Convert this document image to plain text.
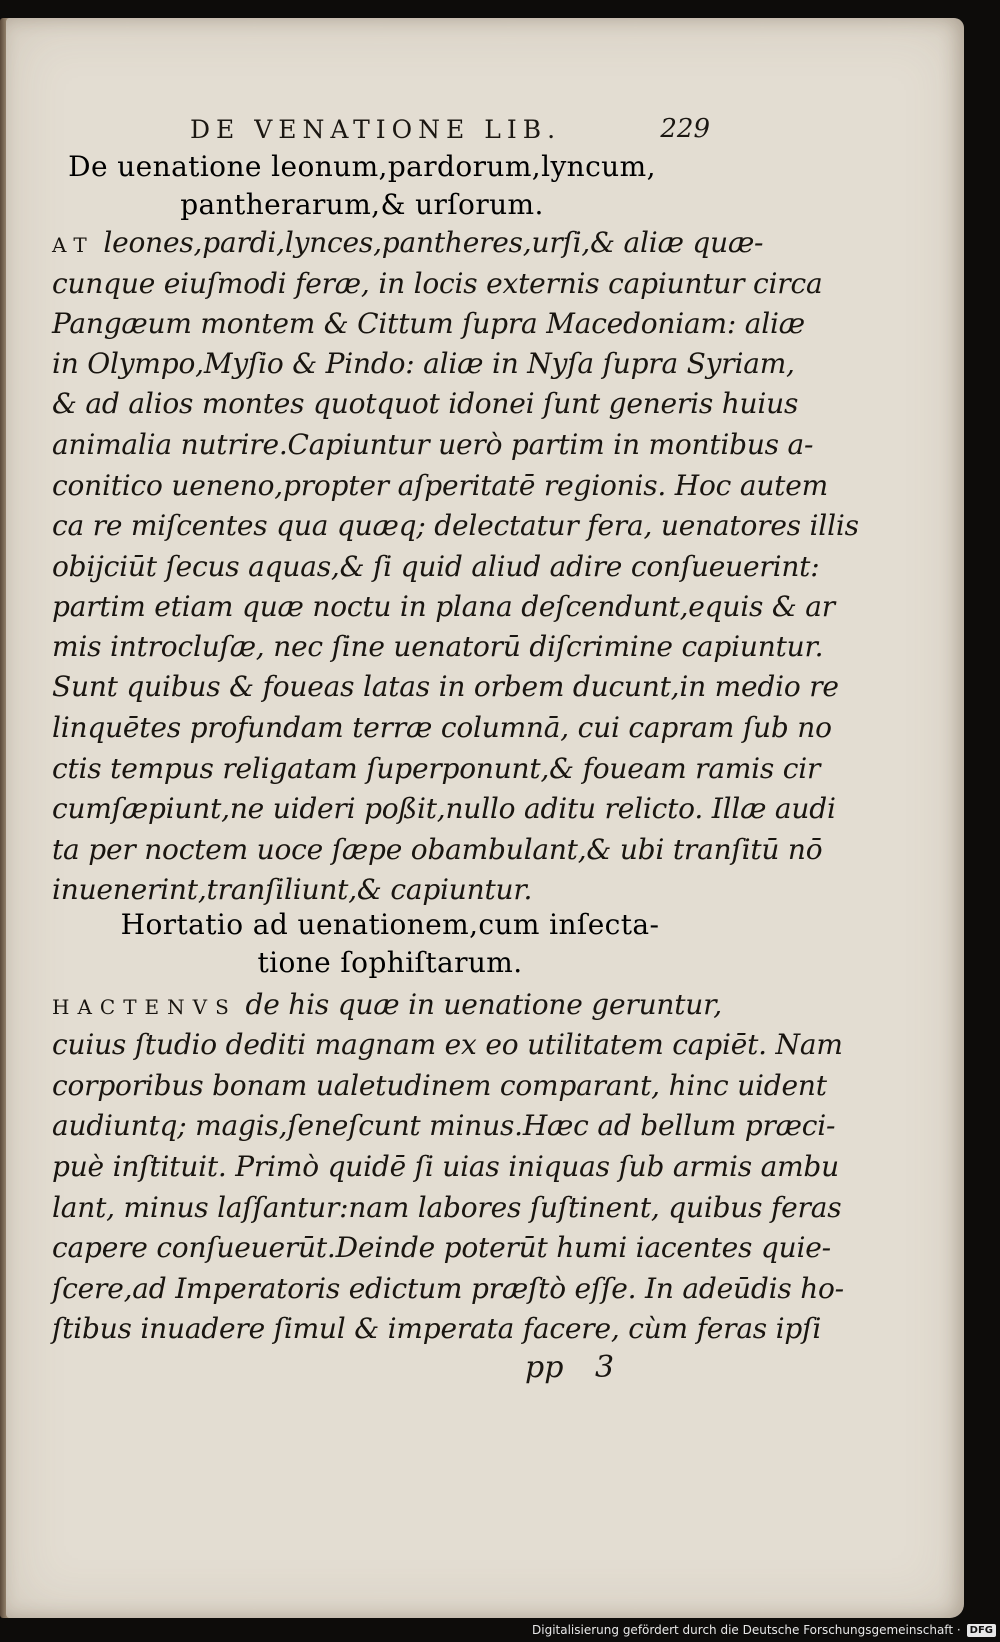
DE VENATIONE LIB.	229
De uenatione leonum,pardorum,lyncum,
pantherarum,& urſorum.
AT leones,pardi,lynces,pantheres,urſi,& aliæ quæ-
cunque eiuſmodi feræ, in locis externis capiuntur circa
Pangæum montem & Cittum ſupra Macedoniam: aliæ
in Olympo,Myſio & Pindo: aliæ in Nyſa ſupra Syriam,
& ad alios montes quotquot idonei ſunt generis huius
animalia nutrire.Capiuntur uerò partim in montibus a-
conitico ueneno,propter aſperitatē regionis. Hoc autem
ca re miſcentes qua quæq; delectatur fera, uenatores illis
obijciūt ſecus aquas,& ſi quid aliud adire conſueuerint:
partim etiam quæ noctu in plana deſcendunt,equis & ar
mis introcluſæ, nec ſine uenatorū diſcrimine capiuntur.
Sunt quibus & foueas latas in orbem ducunt,in medio re
linquētes profundam terræ columnā, cui capram ſub no
ctis tempus religatam ſuperponunt,& foueam ramis cir
cumſæpiunt,ne uideri poßit,nullo aditu relicto. Illæ audi
ta per noctem uoce ſæpe obambulant,& ubi tranſitū nō
inuenerint,tranſiliunt,& capiuntur.
Hortatio ad uenationem,cum inſecta-
tione ſophiſtarum.
HACTENVS de his quæ in uenatione geruntur,
cuius ſtudio dediti magnam ex eo utilitatem capiēt. Nam
corporibus bonam ualetudinem comparant, hinc uident
audiuntq; magis,ſeneſcunt minus.Hæc ad bellum præci-
puè inſtituit. Primò quidē ſi uias iniquas ſub armis ambu
lant, minus laſſantur:nam labores ſuſtinent, quibus feras
capere conſueuerūt.Deinde poterūt humi iacentes quie-
ſcere,ad Imperatoris edictum præſtò eſſe. In adeūdis ho-
ſtibus inuadere ſimul & imperata facere, cùm feras ipſi
pp 3
Digitalisierung gefördert durch die Deutsche Forschungsgemeinschaft · DFG
